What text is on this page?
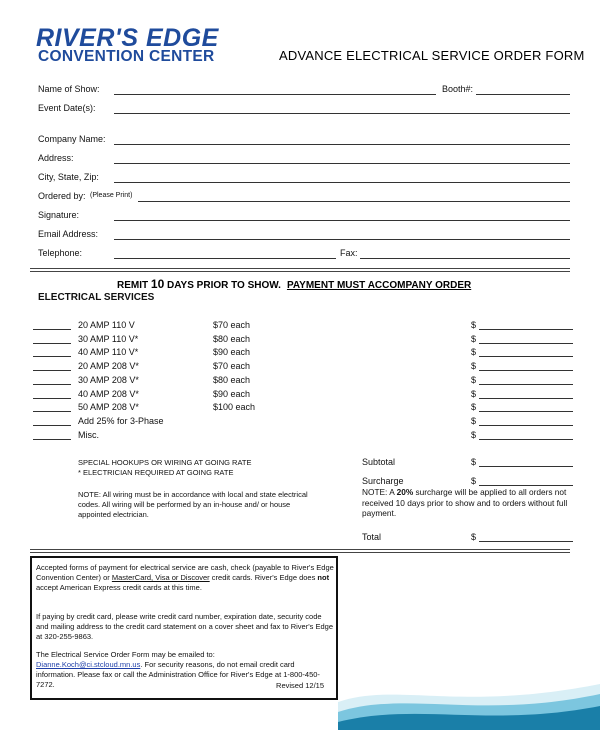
RIVER'S EDGE
CONVENTION CENTER	ADVANCE ELECTRICAL SERVICE ORDER FORM
Name of Show:	Booth#:
Event Date(s):
Company Name:
Address:
City, State, Zip:
Ordered by: (Please Print)
Signature:
Email Address:
Telephone:	Fax:
REMIT 10 DAYS PRIOR TO SHOW. PAYMENT MUST ACCOMPANY ORDER
ELECTRICAL SERVICES
20 AMP 110 V	$70 each	$
30 AMP 110 V*	$80 each	$
40 AMP 110 V*	$90 each	$
20 AMP 208 V*	$70 each	$
30 AMP 208 V*	$80 each	$
40 AMP 208 V*	$90 each	$
50 AMP 208 V*	$100 each	$
Add 25% for 3-Phase	$
Misc.	$
SPECIAL HOOKUPS OR WIRING AT GOING RATE
* ELECTRICIAN REQUIRED AT GOING RATE
Subtotal	$
Surcharge	$
NOTE: All wiring must be in accordance with local and state electrical codes. All wiring will be performed by an in-house and/ or house appointed electrician.
NOTE: A 20% surcharge will be applied to all orders not received 10 days prior to show and to orders without full payment.
Total	$
Accepted forms of payment for electrical service are cash, check (payable to River's Edge Convention Center) or MasterCard, Visa or Discover credit cards. River's Edge does not accept American Express credit cards at this time.
If paying by credit card, please write credit card number, expiration date, security code and mailing address to the credit card statement on a cover sheet and fax to River's Edge at 320-255-9863.
The Electrical Service Order Form may be emailed to:
Dianne.Koch@ci.stcloud.mn.us. For security reasons, do not email credit card information. Please fax or call the Administration Office for River's Edge at 1-800-450-7272.	Revised 12/15
